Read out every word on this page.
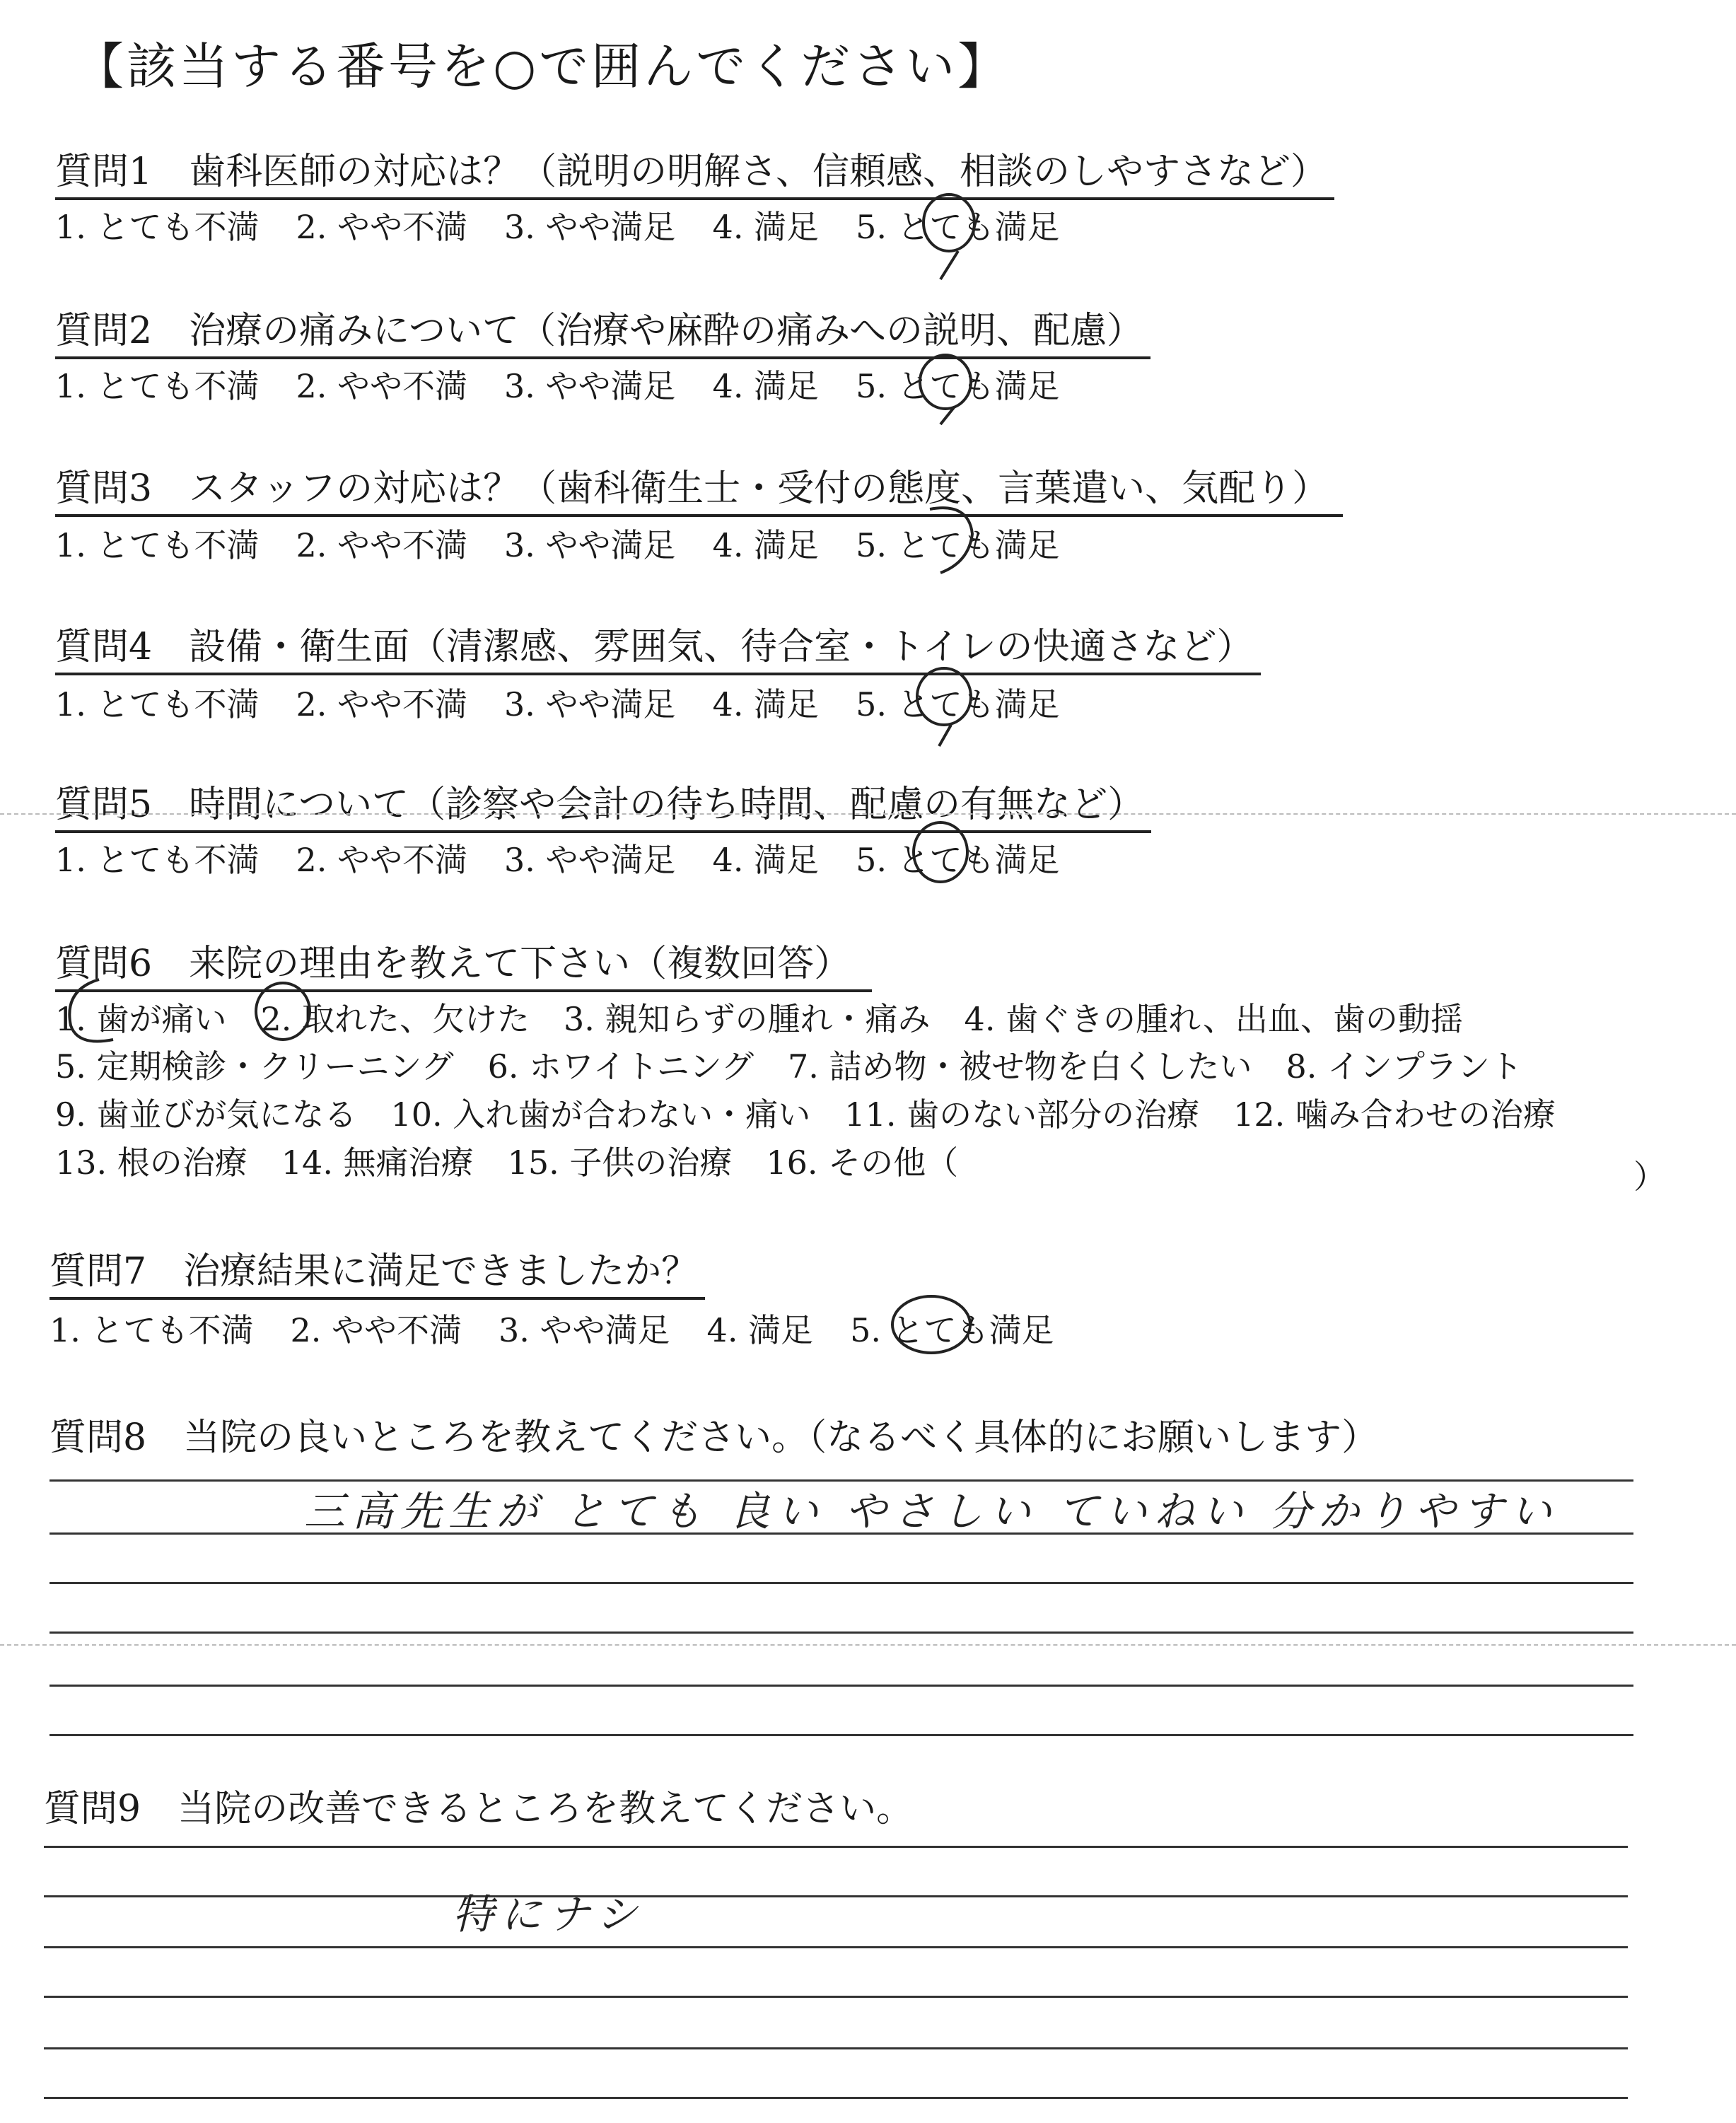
【該当する番号を○で囲んでください】
質問1　 歯科医師の対応は？（説明の明解さ、信頼感、相談のしやすさなど）
1. とても不満 2. やや不満 3. やや満足 4. 満足 5. とても満足
質問2　 治療の痛みについて（治療や麻酔の痛みへの説明、配慮）
1. とても不満 2. やや不満 3. やや満足 4. 満足 5. とても満足
質問3　 スタッフの対応は？（歯科衛生士・受付の態度、言葉遣い、気配り）
1. とても不満 2. やや不満 3. やや満足 4. 満足 5. とても満足
質問4　 設備・衛生面（清潔感、雰囲気、待合室・トイレの快適さなど）
1. とても不満 2. やや不満 3. やや満足 4. 満足 5. とても満足
質問5　 時間について（診察や会計の待ち時間、配慮の有無など）
1. とても不満 2. やや不満 3. やや満足 4. 満足 5. とても満足
質問6　 来院の理由を教えて下さい（複数回答）
1. 歯が痛い 2. 取れた、欠けた 3. 親知らずの腫れ・痛み 4. 歯ぐきの腫れ、出血、歯の動揺
5. 定期検診・クリーニング 6. ホワイトニング 7. 詰め物・被せ物を白くしたい 8. インプラント
9. 歯並びが気になる 10. 入れ歯が合わない・痛い 11. 歯のない部分の治療 12. 噛み合わせの治療
13. 根の治療 14. 無痛治療 15. 子供の治療 16. その他（	）
質問7　 治療結果に満足できましたか？
1. とても不満 2. やや不満 3. やや満足 4. 満足 5. とても満足
質問8　 当院の良いところを教えてください。（なるべく具体的にお願いします）
三高先生が とても 良い やさしい ていねい 分かりやすい
質問9　 当院の改善できるところを教えてください。
特にナシ
